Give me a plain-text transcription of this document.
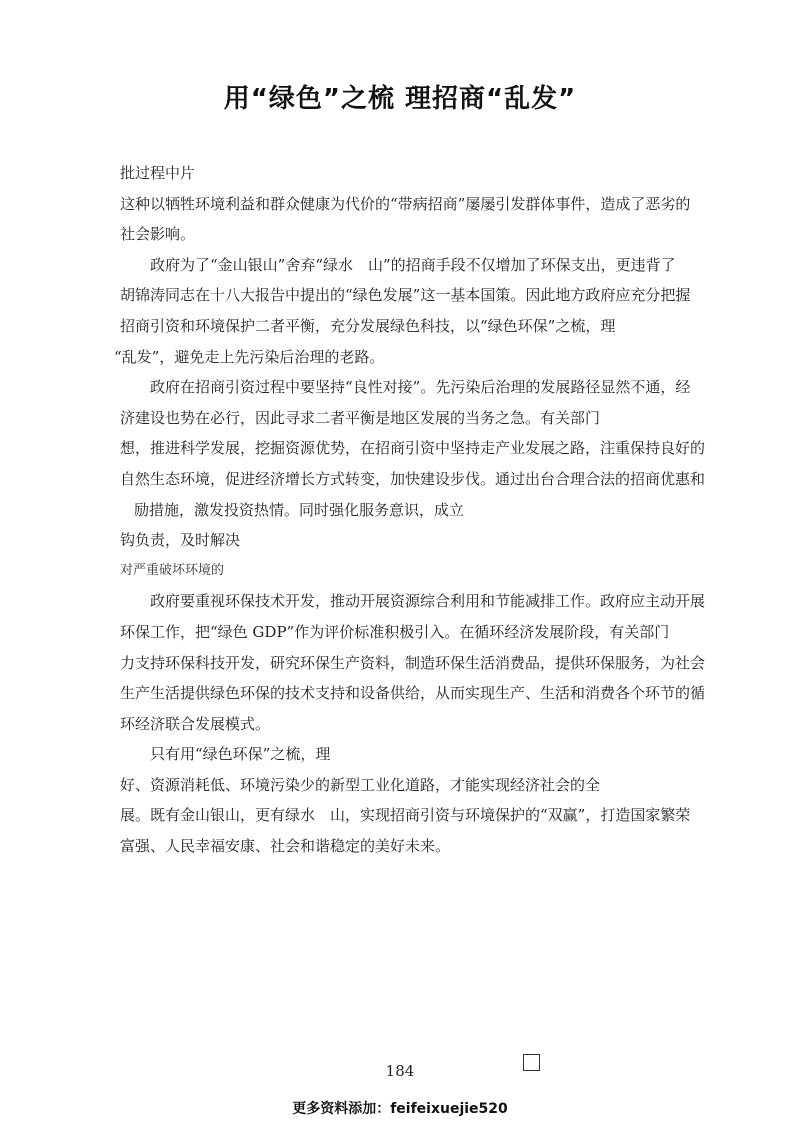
用“绿色”之梳 理招商“乱发”
批过程中片
这种以牺牲环境利益和群众健康为代价的“带病招商”屡屡引发群体事件，造成了恶劣的
社会影响。
政府为了“金山银山”舍弃“绿水　山”的招商手段不仅增加了环保支出，更违背了
胡锦涛同志在十八大报告中提出的“绿色发展”这一基本国策。因此地方政府应充分把握
招商引资和环境保护二者平衡，充分发展绿色科技，以“绿色环保”之梳，理
“乱发”，避免走上先污染后治理的老路。
政府在招商引资过程中要坚持“良性对接”。先污染后治理的发展路径显然不通，经
济建设也势在必行，因此寻求二者平衡是地区发展的当务之急。有关部门
想，推进科学发展，挖掘资源优势，在招商引资中坚持走产业发展之路，注重保持良好的
自然生态环境，促进经济增长方式转变，加快建设步伐。通过出台合理合法的招商优惠和
励措施，激发投资热情。同时强化服务意识，成立
钩负责，及时解决
对严重破坏环境的
政府要重视环保技术开发，推动开展资源综合利用和节能减排工作。政府应主动开展
环保工作，把“绿色 GDP”作为评价标准积极引入。在循环经济发展阶段，有关部门
力支持环保科技开发，研究环保生产资料，制造环保生活消费品，提供环保服务，为社会
生产生活提供绿色环保的技术支持和设备供给，从而实现生产、生活和消费各个环节的循
环经济联合发展模式。
只有用“绿色环保”之梳，理
好、资源消耗低、环境污染少的新型工业化道路，才能实现经济社会的全
展。既有金山银山，更有绿水　山，实现招商引资与环境保护的“双赢”，打造国家繁荣
富强、人民幸福安康、社会和谐稳定的美好未来。
184
更多资料添加：feifeixuejie520
